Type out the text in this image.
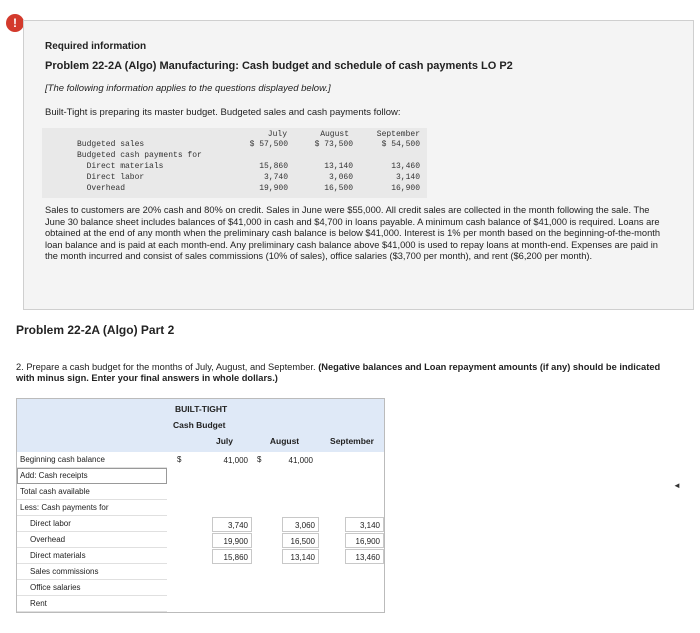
!
Required information
Problem 22-2A (Algo) Manufacturing: Cash budget and schedule of cash payments LO P2
[The following information applies to the questions displayed below.]
Built-Tight is preparing its master budget. Budgeted sales and cash payments follow:
July	August	September
Budgeted sales	$ 57,500	$ 73,500	$ 54,500
Budgeted cash payments for
Direct materials	15,860	13,140	13,460
Direct labor	3,740	3,060	3,140
Overhead	19,900	16,500	16,900
Sales to customers are 20% cash and 80% on credit. Sales in June were $55,000. All credit sales are collected in the month following the sale. The June 30 balance sheet includes balances of $41,000 in cash and $4,700 in loans payable. A minimum cash balance of $41,000 is required. Loans are obtained at the end of any month when the preliminary cash balance is below $41,000. Interest is 1% per month based on the beginning-of-the-month loan balance and is paid at each month-end. Any preliminary cash balance above $41,000 is used to repay loans at month-end. Expenses are paid in the month incurred and consist of sales commissions (10% of sales), office salaries ($3,700 per month), and rent ($6,200 per month).
Problem 22-2A (Algo) Part 2
2. Prepare a cash budget for the months of July, August, and September. (Negative balances and Loan repayment amounts (if any) should be indicated with minus sign. Enter your final answers in whole dollars.)
BUILT-TIGHT
Cash Budget
July	August	September
Beginning cash balance	$	41,000	$	41,000
Add: Cash receipts
Total cash available
Less: Cash payments for
Direct labor	3,740	3,060	3,140
Overhead	19,900	16,500	16,900
Direct materials	15,860	13,140	13,460
Sales commissions
Office salaries
Rent
◄
